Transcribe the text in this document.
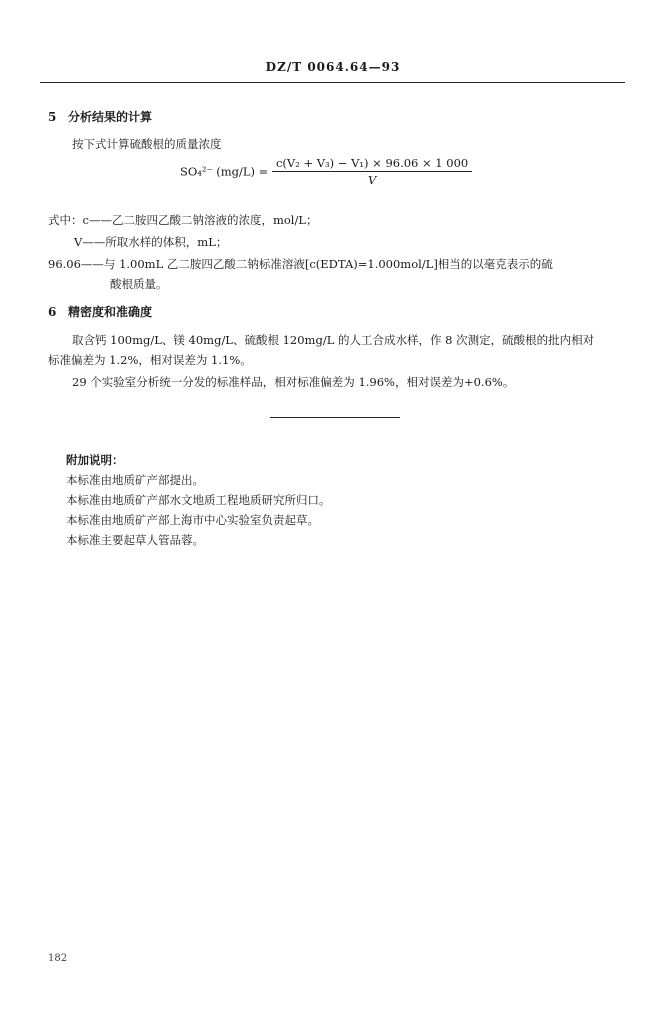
DZ/T 0064.64—93
5 分析结果的计算
按下式计算硫酸根的质量浓度
SO₄²⁻ $(mg/L) = \frac{\text{c(V₂ + V₃) − V₁) × 96.06 × 1 000}}{V}$
式中：c——乙二胺四乙酸二钠溶液的浓度，mol/L；
V——所取水样的体积，mL；
96.06——与 1.00mL 乙二胺四乙酸二钠标准溶液[c(EDTA)=1.000mol/L]相当的以毫克表示的硫
酸根质量。
6 精密度和准确度
取含钙 100mg/L、镁 40mg/L、硫酸根 120mg/L 的人工合成水样，作 8 次测定，硫酸根的批内相对
标准偏差为 1.2%，相对误差为 1.1%。
29 个实验室分析统一分发的标准样品，相对标准偏差为 1.96%，相对误差为+0.6%。
附加说明：
本标准由地质矿产部提出。
本标准由地质矿产部水文地质工程地质研究所归口。
本标准由地质矿产部上海市中心实验室负责起草。
本标准主要起草人管品蓉。
182
